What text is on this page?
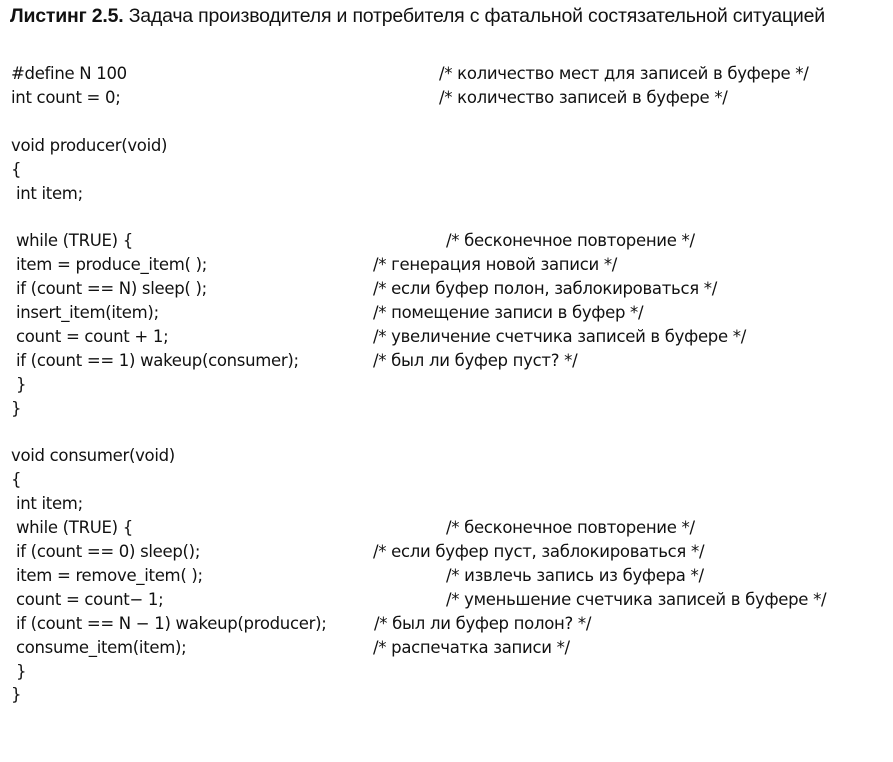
Листинг 2.5. Задача производителя и потребителя с фатальной состязательной ситуацией
#define N 100	/* количество мест для записей в буфере */
int count = 0;	/* количество записей в буфере */
void producer(void)
{
int item;
while (TRUE) {	/* бесконечное повторение */
item = produce_item( );	/* генерация новой записи */
if (count == N) sleep( );	/* если буфер полон, заблокироваться */
insert_item(item);	/* помещение записи в буфер */
count = count + 1;	/* увеличение счетчика записей в буфере */
if (count == 1) wakeup(consumer);	/* был ли буфер пуст? */
}
}
void consumer(void)
{
int item;
while (TRUE) {	/* бесконечное повторение */
if (count == 0) sleep();	/* если буфер пуст, заблокироваться */
item = remove_item( );	/* извлечь запись из буфера */
count = count− 1;	/* уменьшение счетчика записей в буфере */
if (count == N − 1) wakeup(producer);	/* был ли буфер полон? */
consume_item(item);	/* распечатка записи */
}
}
